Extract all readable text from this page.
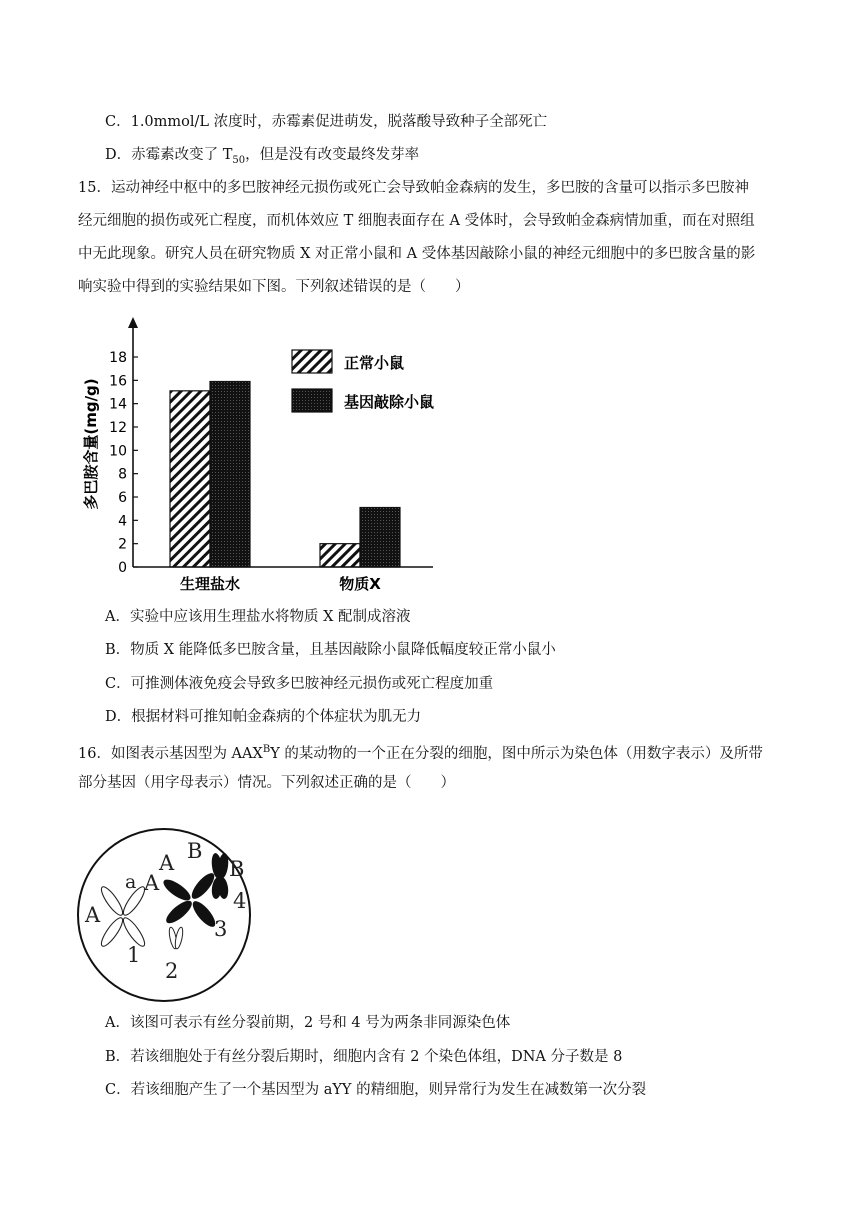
C．1.0mmol/L 浓度时，赤霉素促进萌发，脱落酸导致种子全部死亡
D．赤霉素改变了 $T_{50}$，但是没有改变最终发芽率
15．运动神经中枢中的多巴胺神经元损伤或死亡会导致帕金森病的发生，多巴胺的含量可以指示多巴胺神
经元细胞的损伤或死亡程度，而机体效应 T 细胞表面存在 A 受体时，会导致帕金森病情加重，而在对照组
中无此现象。研究人员在研究物质 X 对正常小鼠和 A 受体基因敲除小鼠的神经元细胞中的多巴胺含量的影
响实验中得到的实验结果如下图。下列叙述错误的是（　　）
0
2
4
6
8
10
12
14
16
18
生理盐水	物质X
多巴胺含量(mg/g)
正常小鼠
基因敲除小鼠
A．实验中应该用生理盐水将物质 X 配制成溶液
B．物质 X 能降低多巴胺含量，且基因敲除小鼠降低幅度较正常小鼠小
C．可推测体液免疫会导致多巴胺神经元损伤或死亡程度加重
D．根据材料可推知帕金森病的个体症状为肌无力
16．如图表示基因型为 $AAX^BY$ 的某动物的一个正在分裂的细胞，图中所示为染色体（用数字表示）及所带
部分基因（用字母表示）情况。下列叙述正确的是（　　）
A
a A
A B
B
1
2
3
4
A．该图可表示有丝分裂前期，2 号和 4 号为两条非同源染色体
B．若该细胞处于有丝分裂后期时，细胞内含有 2 个染色体组，DNA 分子数是 8
C．若该细胞产生了一个基因型为 aYY 的精细胞，则异常行为发生在减数第一次分裂
